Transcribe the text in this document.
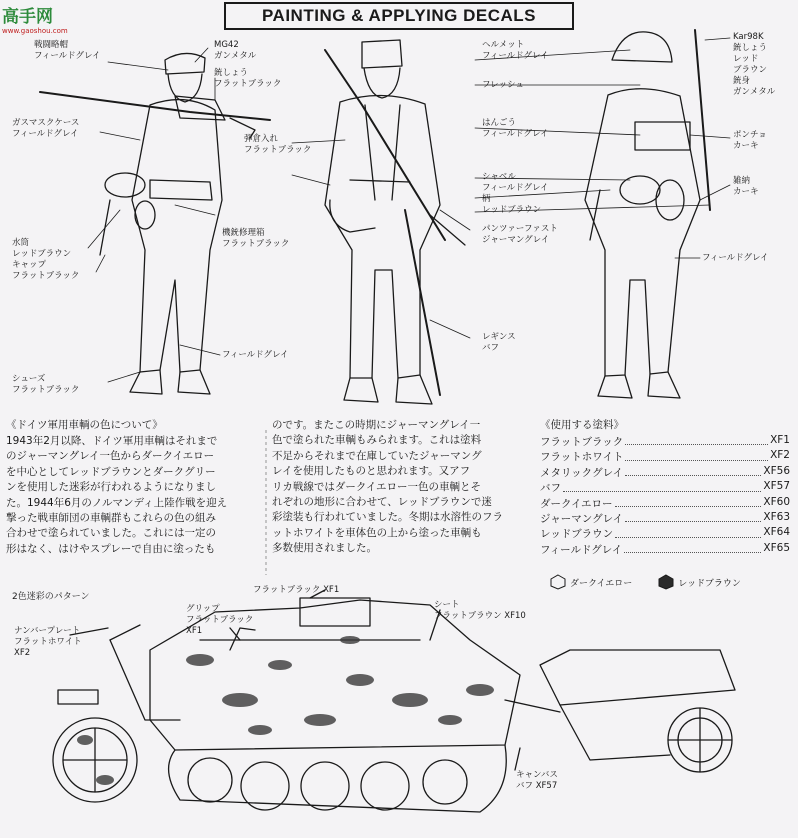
高手网
www.gaoshou.com
PAINTING & APPLYING DECALS
戦闘略帽
フィールドグレイ
MG42
ガンメタル
銃しょう
フラットブラック
ガスマスクケース
フィールドグレイ
水筒
レッドブラウン
キャップ
フラットブラック
シューズ
フラットブラック
弾倉入れ
フラットブラック
機銃修理箱
フラットブラック
パンツァーファスト
ジャーマングレイ
フィールドグレイ
レギンス
バフ
ヘルメット
フィールドグレイ
フレッシュ
はんごう
フィールドグレイ
シャベル
フィールドグレイ
柄
レッドブラウン
Kar98K
銃しょう
レッド
ブラウン
銃身
ガンメタル
ポンチョ
カーキ
雑納
カーキ
フィールドグレイ
《ドイツ軍用車輌の色について》
1943年2月以降、ドイツ軍用車輌はそれまで
のジャーマングレイ一色からダークイエロー
を中心としてレッドブラウンとダークグリー
ンを使用した迷彩が行われるようになりまし
た。1944年6月のノルマンディ上陸作戦を迎え
撃った戦車師団の車輌群もこれらの色の組み
合わせで塗られていました。これには一定の
形はなく、はけやスプレーで自由に塗ったも
のです。またこの時期にジャーマングレイ一
色で塗られた車輌もみられます。これは塗料
不足からそれまで在庫していたジャーマング
レイを使用したものと思われます。又アフ
リカ戦線ではダークイエロー一色の車輌とそ
れぞれの地形に合わせて、レッドブラウンで迷
彩塗装も行われていました。冬期は水溶性のフラ
ットホワイトを車体色の上から塗った車輌も
多数使用されました。
《使用する塗料》
フラットブラック	XF1
フラットホワイト	XF2
メタリックグレイ	XF56
バフ	XF57
ダークイエロー	XF60
ジャーマングレイ	XF63
レッドブラウン	XF64
フィールドグレイ	XF65
ダークイエロー	レッドブラウン
2色迷彩のパターン
ナンバープレート
フラットホワイト
XF2
グリップ
フラットブラック
XF1
フラットブラック XF1
シート
フラットブラウン XF10
キャンバス
バフ XF57
